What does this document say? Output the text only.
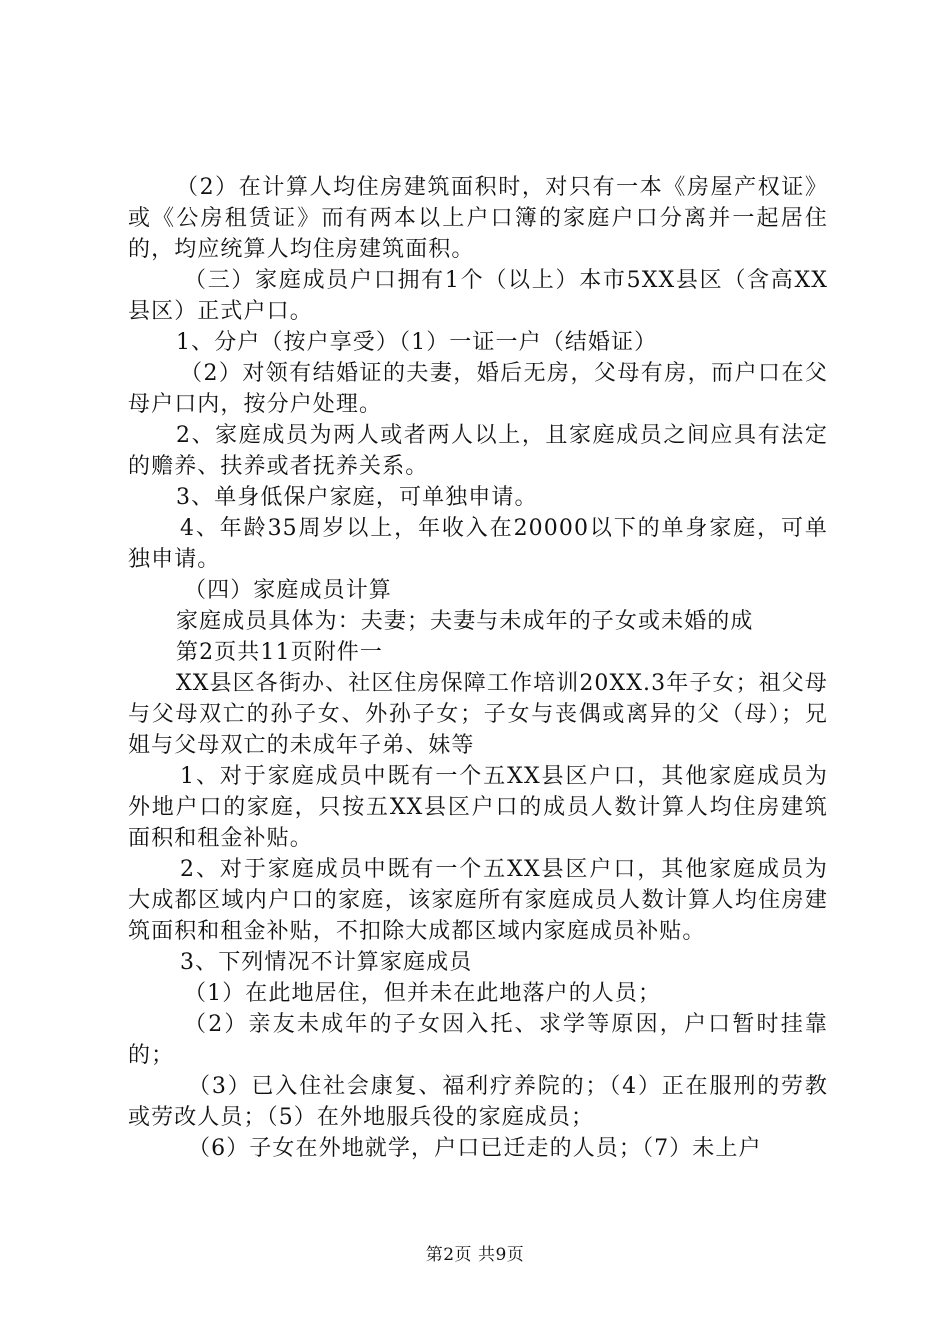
（2）在计算人均住房建筑面积时，对只有一本《房屋产权证》或《公房租赁证》而有两本以上户口簿的家庭户口分离并一起居住的，均应统算人均住房建筑面积。

（三）家庭成员户口拥有1个（以上）本市5XX县区（含高XX县区）正式户口。

1、分户（按户享受）（1）一证一户（结婚证）

（2）对领有结婚证的夫妻，婚后无房，父母有房，而户口在父母户口内，按分户处理。

2、家庭成员为两人或者两人以上，且家庭成员之间应具有法定的赡养、扶养或者抚养关系。

3、单身低保户家庭，可单独申请。

4、年龄35周岁以上，年收入在20000以下的单身家庭，可单独申请。

（四）家庭成员计算

家庭成员具体为：夫妻；夫妻与未成年的子女或未婚的成

第2页共11页附件一

XX县区各街办、社区住房保障工作培训20XX.3年子女；祖父母与父母双亡的孙子女、外孙子女；子女与丧偶或离异的父（母）；兄姐与父母双亡的未成年子弟、妹等

1、对于家庭成员中既有一个五XX县区户口，其他家庭成员为外地户口的家庭，只按五XX县区户口的成员人数计算人均住房建筑面积和租金补贴。

2、对于家庭成员中既有一个五XX县区户口，其他家庭成员为大成都区域内户口的家庭，该家庭所有家庭成员人数计算人均住房建筑面积和租金补贴，不扣除大成都区域内家庭成员补贴。

3、下列情况不计算家庭成员

（1）在此地居住，但并未在此地落户的人员；

（2）亲友未成年的子女因入托、求学等原因，户口暂时挂靠的；

（3）已入住社会康复、福利疗养院的；（4）正在服刑的劳教或劳改人员；（5）在外地服兵役的家庭成员；

（6）子女在外地就学，户口已迁走的人员；（7）未上户

第2页 共9页
